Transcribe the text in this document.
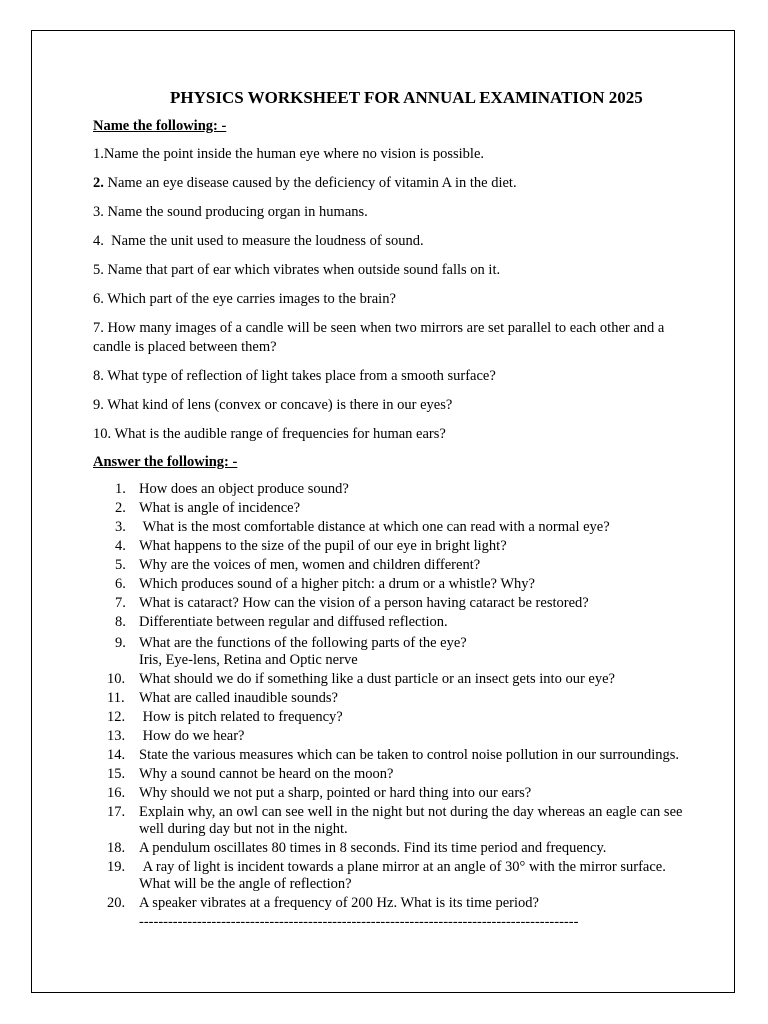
PHYSICS WORKSHEET FOR ANNUAL EXAMINATION 2025
Name the following: -
1.Name the point inside the human eye where no vision is possible.
2. Name an eye disease caused by the deficiency of vitamin A in the diet.
3. Name the sound producing organ in humans.
4.  Name the unit used to measure the loudness of sound.
5. Name that part of ear which vibrates when outside sound falls on it.
6. Which part of the eye carries images to the brain?
7. How many images of a candle will be seen when two mirrors are set parallel to each other and a candle is placed between them?
8. What type of reflection of light takes place from a smooth surface?
9. What kind of lens (convex or concave) is there in our eyes?
10. What is the audible range of frequencies for human ears?
Answer the following: -
1. How does an object produce sound?
2. What is angle of incidence?
3. What is the most comfortable distance at which one can read with a normal eye?
4. What happens to the size of the pupil of our eye in bright light?
5. Why are the voices of men, women and children different?
6. Which produces sound of a higher pitch: a drum or a whistle? Why?
7. What is cataract? How can the vision of a person having cataract be restored?
8. Differentiate between regular and diffused reflection.
9. What are the functions of the following parts of the eye?
Iris, Eye-lens, Retina and Optic nerve
10. What should we do if something like a dust particle or an insect gets into our eye?
11. What are called inaudible sounds?
12. How is pitch related to frequency?
13. How do we hear?
14. State the various measures which can be taken to control noise pollution in our surroundings.
15. Why a sound cannot be heard on the moon?
16. Why should we not put a sharp, pointed or hard thing into our ears?
17. Explain why, an owl can see well in the night but not during the day whereas an eagle can see well during day but not in the night.
18. A pendulum oscillates 80 times in 8 seconds. Find its time period and frequency.
19. A ray of light is incident towards a plane mirror at an angle of 30° with the mirror surface. What will be the angle of reflection?
20. A speaker vibrates at a frequency of 200 Hz. What is its time period?
-------------------------------------------------------------------------------------------
